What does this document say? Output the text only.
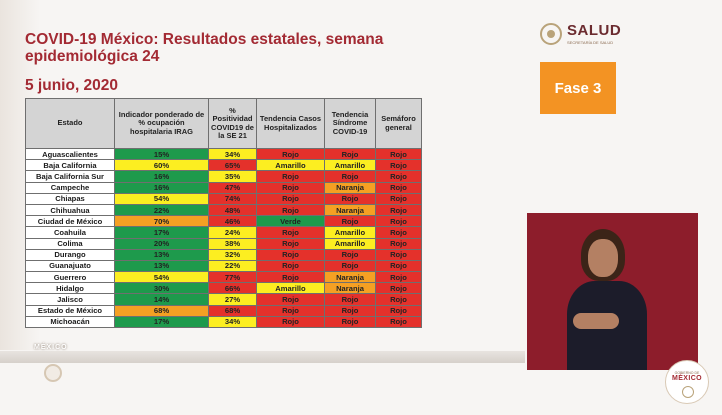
COVID-19 México: Resultados estatales, semana epidemiológica 24
5 junio, 2020
SALUD
SECRETARÍA DE SALUD
Fase 3
Estado	Indicador ponderado de % ocupación hospitalaria IRAG	% Positividad COVID19 de la SE 21	Tendencia Casos Hospitalizados	Tendencia Síndrome COVID-19	Semáforo general
Aguascalientes	15%	34%	Rojo	Rojo	Rojo
Baja California	60%	65%	Amarillo	Amarillo	Rojo
Baja California Sur	16%	35%	Rojo	Rojo	Rojo
Campeche	16%	47%	Rojo	Naranja	Rojo
Chiapas	54%	74%	Rojo	Rojo	Rojo
Chihuahua	22%	48%	Rojo	Naranja	Rojo
Ciudad de México	70%	46%	Verde	Rojo	Rojo
Coahuila	17%	24%	Rojo	Amarillo	Rojo
Colima	20%	38%	Rojo	Amarillo	Rojo
Durango	13%	32%	Rojo	Rojo	Rojo
Guanajuato	13%	22%	Rojo	Rojo	Rojo
Guerrero	54%	77%	Rojo	Naranja	Rojo
Hidalgo	30%	66%	Amarillo	Naranja	Rojo
Jalisco	14%	27%	Rojo	Rojo	Rojo
Estado de México	68%	68%	Rojo	Rojo	Rojo
Michoacán	17%	34%	Rojo	Rojo	Rojo
MÉXICO
GOBIERNO DE
MÉXICO
